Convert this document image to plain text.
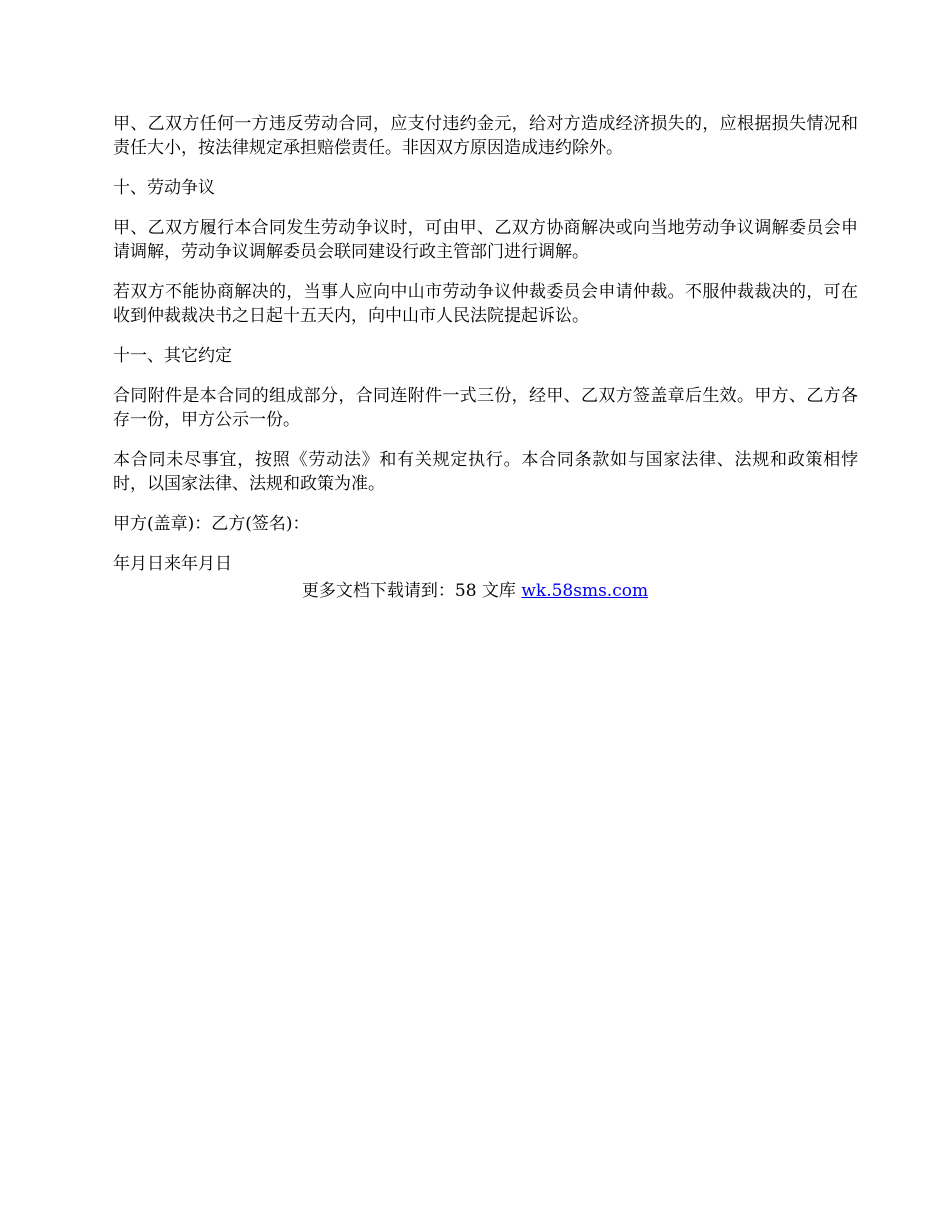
甲、乙双方任何一方违反劳动合同，应支付违约金元，给对方造成经济损失的，应根据损失情况和责任大小，按法律规定承担赔偿责任。非因双方原因造成违约除外。

十、劳动争议

甲、乙双方履行本合同发生劳动争议时，可由甲、乙双方协商解决或向当地劳动争议调解委员会申请调解，劳动争议调解委员会联同建设行政主管部门进行调解。

若双方不能协商解决的，当事人应向中山市劳动争议仲裁委员会申请仲裁。不服仲裁裁决的，可在收到仲裁裁决书之日起十五天内，向中山市人民法院提起诉讼。

十一、其它约定

合同附件是本合同的组成部分，合同连附件一式三份，经甲、乙双方签盖章后生效。甲方、乙方各存一份，甲方公示一份。

本合同未尽事宜，按照《劳动法》和有关规定执行。本合同条款如与国家法律、法规和政策相悖时，以国家法律、法规和政策为准。

甲方(盖章)：乙方(签名)：

年月日来年月日

更多文档下载请到：58 文库 wk.58sms.com
